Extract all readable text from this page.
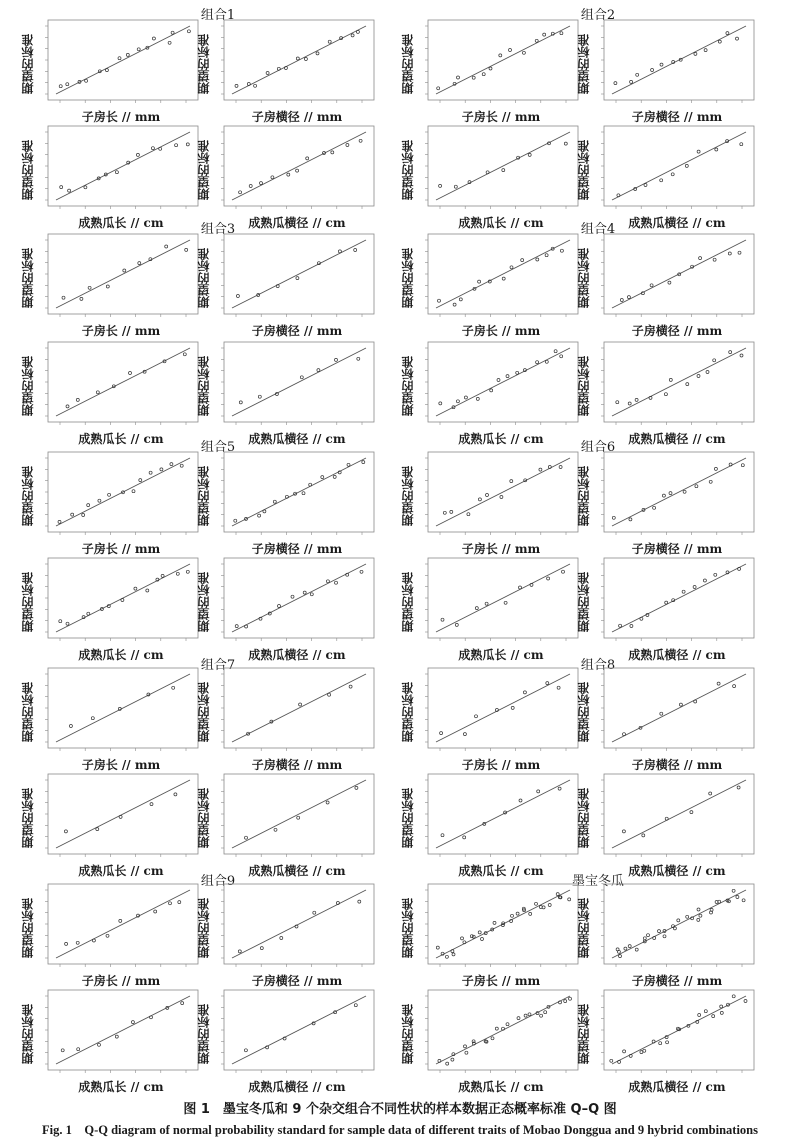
组合1	组合2
组合3	组合4
组合5	组合6
组合7	组合8
组合9	墨宝冬瓜
期望的标准
子房长 // mm
期望的标准
子房横径 // mm
期望的标准
成熟瓜长 // cm
期望的标准
成熟瓜横径 // cm
期望的标准
子房长 // mm
期望的标准
子房横径 // mm
期望的标准
成熟瓜长 // cm
期望的标准
成熟瓜横径 // cm
期望的标准
子房长 // mm
期望的标准
子房横径 // mm
期望的标准
成熟瓜长 // cm
期望的标准
成熟瓜横径 // cm
期望的标准
子房长 // mm
期望的标准
子房横径 // mm
期望的标准
成熟瓜长 // cm
期望的标准
成熟瓜横径 // cm
期望的标准
子房长 // mm
期望的标准
子房横径 // mm
期望的标准
成熟瓜长 // cm
期望的标准
成熟瓜横径 // cm
期望的标准
子房长 // mm
期望的标准
子房横径 // mm
期望的标准
成熟瓜长 // cm
期望的标准
成熟瓜横径 // cm
期望的标准
子房长 // mm
期望的标准
子房横径 // mm
期望的标准
成熟瓜长 // cm
期望的标准
成熟瓜横径 // cm
期望的标准
子房长 // mm
期望的标准
子房横径 // mm
期望的标准
成熟瓜长 // cm
期望的标准
成熟瓜横径 // cm
期望的标准
子房长 // mm
期望的标准
子房横径 // mm
期望的标准
成熟瓜长 // cm
期望的标准
成熟瓜横径 // cm
期望的标准
子房长 // mm
期望的标准
子房横径 // mm
期望的标准
成熟瓜长 // cm
期望的标准
成熟瓜横径 // cm
图 1　墨宝冬瓜和 9 个杂交组合不同性状的样本数据正态概率标准 Q–Q 图
Fig. 1　Q-Q diagram of normal probability standard for sample data of different traits of Mobao Donggua and 9 hybrid combinations
